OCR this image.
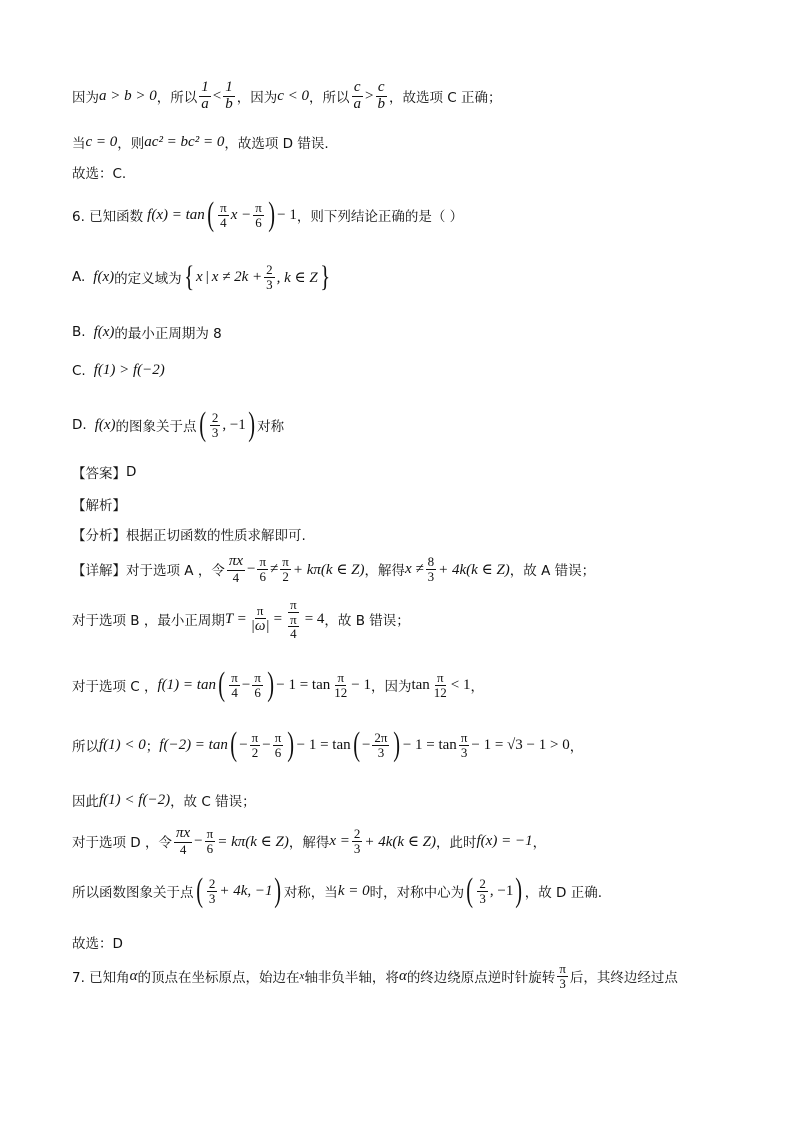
因为 a > b > 0 ，所以 $\frac{1}{a} < \frac{1}{b}$ ，因为 c < 0 ，所以 $\frac{c}{a} > \frac{c}{b}$ ，故选项 C 正确；
当 c = 0 ，则 ac² = bc² = 0 ，故选项 D 错误.
故选：C.
6. 已知函数 f(x) = tan ( $\frac{\pi}{4}$ $x - \frac{\pi}{6}$ ) − 1 ，则下列结论正确的是（ ）
A. f(x) 的定义域为 { x | $x \ne 2k + \frac{2}{3}$ , k ∈ Z }
B. f(x) 的最小正周期为 8
C. f(1) > f(−2)
D. f(x) 的图象关于点 ( $\frac{2}{3}$ , −1 ) 对称
【答案】 D
【解析】
【分析】 根据正切函数的性质求解即可.
【详解】 对于选项 A ，令 $\frac{\pi x}{4} - \frac{\pi}{6} \ne \frac{\pi}{2} + k\pi(k$ ∈ Z) ，解得 $x \ne \frac{8}{3} + 4k(k$ ∈ Z) ，故 A 错误；
对于选项 B ，最小正周期 $T = \frac{\pi}{|\omega|} = \frac{\pi}{\frac{\pi}{4}} = 4$ ，故 B 错误；
对于选项 C ， f(1) = tan ( $\frac{\pi}{4} - \frac{\pi}{6}$ ) − $1 = \tan \frac{\pi}{12} - 1$ ，因为 $\tan \frac{\pi}{12} < 1$ ，
所以 f(1) < 0 ； f(−2) = tan ( − $\frac{\pi}{2} - \frac{\pi}{6}$ ) − 1 = tan ( − $\frac{2\pi}{3}$ ) − $1 = \tan \frac{\pi}{3} - 1 = √3 - 1 > 0$ ，
因此 f(1) < f(−2) ，故 C 错误；
对于选项 D ，令 $\frac{\pi x}{4} - \frac{\pi}{6} = k\pi(k$ ∈ Z) ，解得 $x = \frac{2}{3} + 4k(k$ ∈ Z) ，此时 f(x) = −1 ，
所以函数图象关于点 ( $\frac{2}{3} + 4k$, −1 ) 对称，当 k = 0 时，对称中心为 ( $\frac{2}{3}$ , −1 ) ，故 D 正确.
故选：D
7. 已知角 α 的顶点在坐标原点，始边在 x 轴非负半轴，将 α 的终边绕原点逆时针旋转 $\frac{\pi}{3}$ 后，其终边经过点
